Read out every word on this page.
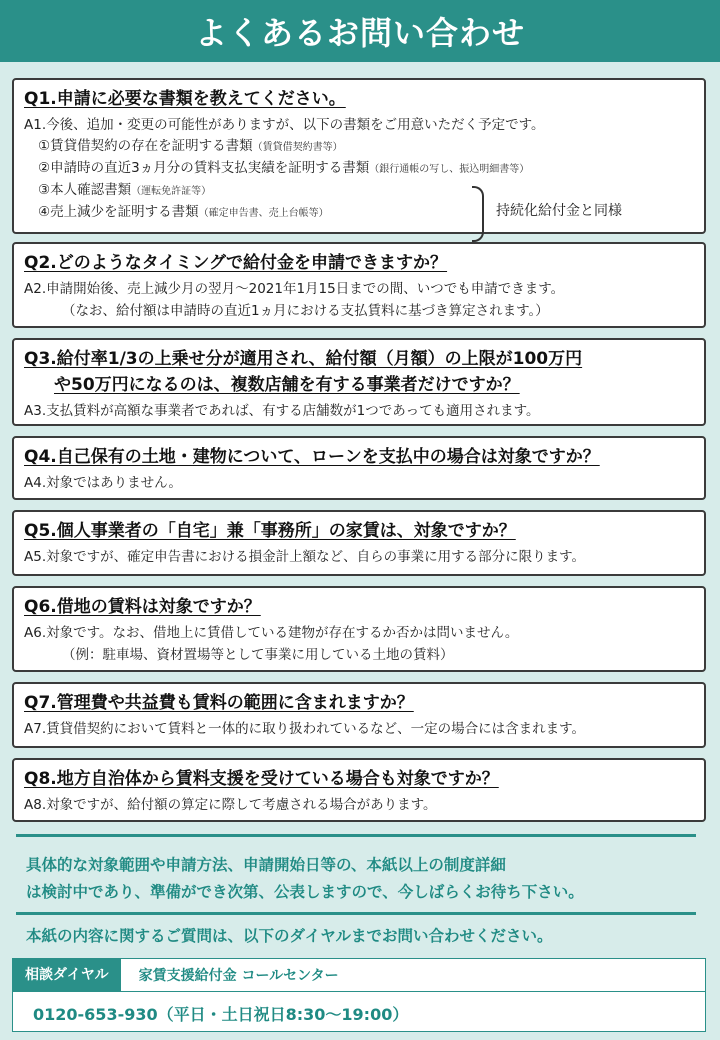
よくあるお問い合わせ

Q1.申請に必要な書類を教えてください。

A1.今後、追加・変更の可能性がありますが、以下の書類をご用意いただく予定です。

①賃貸借契約の存在を証明する書類（賃貸借契約書等）

②申請時の直近3ヵ月分の賃料支払実績を証明する書類（銀行通帳の写し、振込明細書等）

③本人確認書類（運転免許証等）

④売上減少を証明する書類（確定申告書、売上台帳等）	持続化給付金と同様

Q2.どのようなタイミングで給付金を申請できますか？

A2.申請開始後、売上減少月の翌月～2021年1月15日までの間、いつでも申請できます。

（なお、給付額は申請時の直近1ヵ月における支払賃料に基づき算定されます。）

Q3.給付率1/3の上乗せ分が適用され、給付額（月額）の上限が100万円

や50万円になるのは、複数店舗を有する事業者だけですか？

A3.支払賃料が高額な事業者であれば、有する店舗数が1つであっても適用されます。

Q4.自己保有の土地・建物について、ローンを支払中の場合は対象ですか？

A4.対象ではありません。

Q5.個人事業者の「自宅」兼「事務所」の家賃は、対象ですか？

A5.対象ですが、確定申告書における損金計上額など、自らの事業に用する部分に限ります。

Q6.借地の賃料は対象ですか？

A6.対象です。なお、借地上に賃借している建物が存在するか否かは問いません。

（例：駐車場、資材置場等として事業に用している土地の賃料）

Q7.管理費や共益費も賃料の範囲に含まれますか？

A7.賃貸借契約において賃料と一体的に取り扱われているなど、一定の場合には含まれます。

Q8.地方自治体から賃料支援を受けている場合も対象ですか？

A8.対象ですが、給付額の算定に際して考慮される場合があります。

具体的な対象範囲や申請方法、申請開始日等の、本紙以上の制度詳細
は検討中であり、準備ができ次第、公表しますので、今しばらくお待ち下さい。
本紙の内容に関するご質問は、以下のダイヤルまでお問い合わせください。
相談ダイヤル	家賃支援給付金 コールセンター
0120-653-930（平日・土日祝日8:30～19:00）
